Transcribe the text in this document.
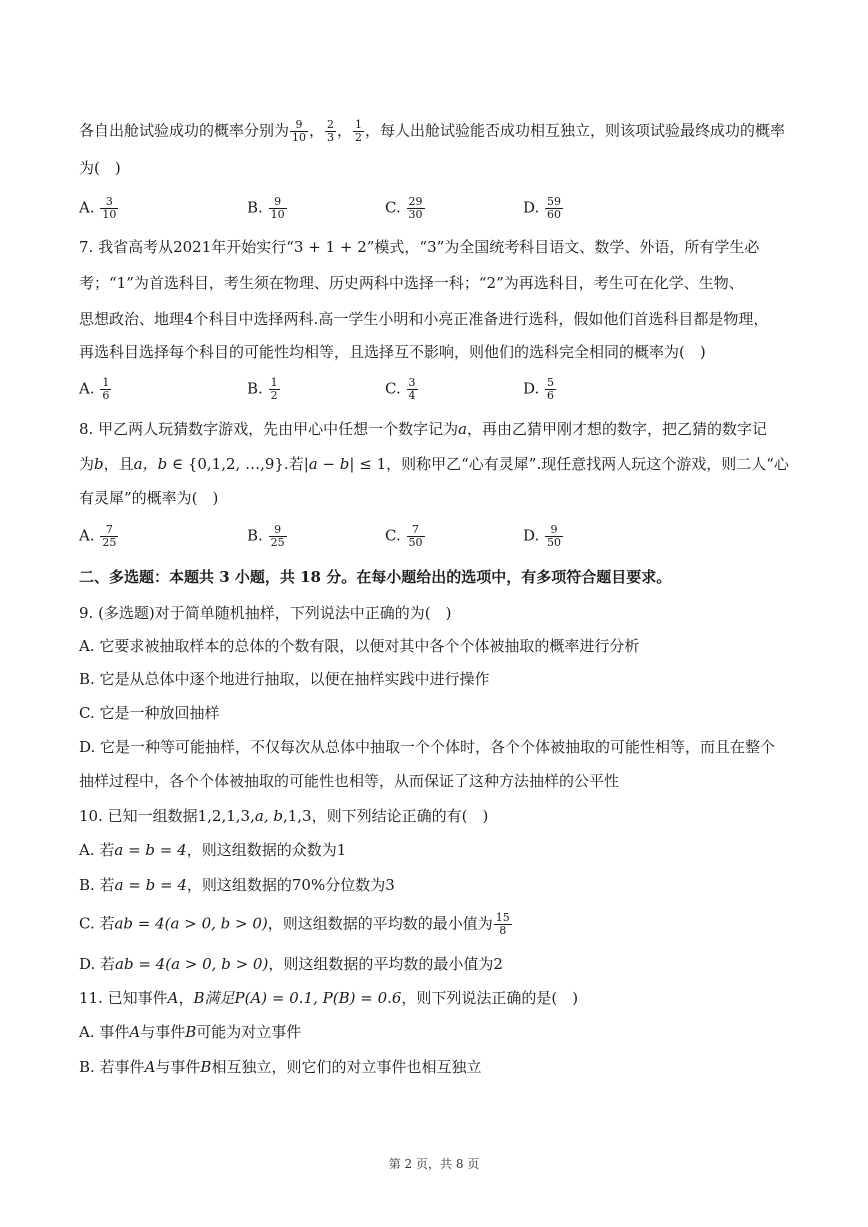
各自出舱试验成功的概率分别为 $\frac{9}{10}$ ， $\frac{2}{3}$ ， $\frac{1}{2}$ ，每人出舱试验能否成功相互独立，则该项试验最终成功的概率
为(　)
A. $\frac{3}{10}$	B. $\frac{9}{10}$	C. $\frac{29}{30}$	D. $\frac{59}{60}$
7. 我省高考从2021年开始实行“3 + 1 + 2”模式，“3”为全国统考科目语文、数学、外语，所有学生必
考；“1”为首选科目，考生须在物理、历史两科中选择一科；“2”为再选科目，考生可在化学、生物、
思想政治、地理4个科目中选择两科.高一学生小明和小亮正准备进行选科，假如他们首选科目都是物理，
再选科目选择每个科目的可能性均相等，且选择互不影响，则他们的选科完全相同的概率为(　)
A. $\frac{1}{6}$	B. $\frac{1}{2}$	C. $\frac{3}{4}$	D. $\frac{5}{6}$
8. 甲乙两人玩猜数字游戏，先由甲心中任想一个数字记为a，再由乙猜甲刚才想的数字，把乙猜的数字记
为b，且a，b ∈ {0,1,2, …,9}.若|a − b| ≤ 1，则称甲乙“心有灵犀”.现任意找两人玩这个游戏，则二人“心
有灵犀”的概率为(　)
A. $\frac{7}{25}$	B. $\frac{9}{25}$	C. $\frac{7}{50}$	D. $\frac{9}{50}$
二、多选题：本题共 3 小题，共 18 分。在每小题给出的选项中，有多项符合题目要求。
9. (多选题)对于简单随机抽样，下列说法中正确的为(　)
A. 它要求被抽取样本的总体的个数有限，以便对其中各个个体被抽取的概率进行分析
B. 它是从总体中逐个地进行抽取，以便在抽样实践中进行操作
C. 它是一种放回抽样
D. 它是一种等可能抽样，不仅每次从总体中抽取一个个体时，各个个体被抽取的可能性相等，而且在整个
抽样过程中，各个个体被抽取的可能性也相等，从而保证了这种方法抽样的公平性
10. 已知一组数据1,2,1,3,a, b,1,3，则下列结论正确的有(　)
A. 若a = b = 4，则这组数据的众数为1
B. 若a = b = 4，则这组数据的70%分位数为3
C. 若ab = 4(a > 0, b > 0)，则这组数据的平均数的最小值为 $\frac{15}{8}$
D. 若ab = 4(a > 0, b > 0)，则这组数据的平均数的最小值为2
11. 已知事件A，B满足P(A) = 0.1, P(B) = 0.6，则下列说法正确的是(　)
A. 事件A与事件B可能为对立事件
B. 若事件A与事件B相互独立，则它们的对立事件也相互独立
第 2 页，共 8 页
